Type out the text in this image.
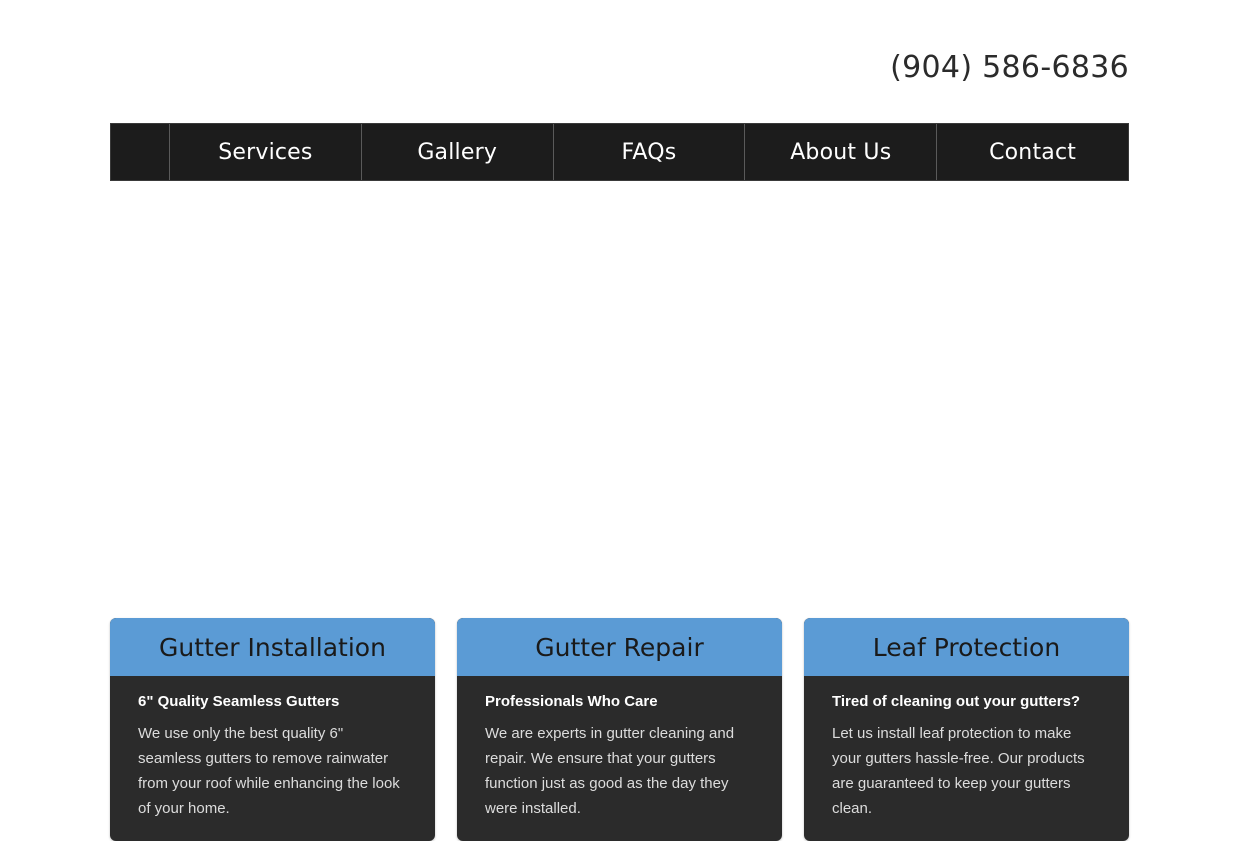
(904) 586-6836
Services	Gallery	FAQs	About Us	Contact
Gutter Installation
6" Quality Seamless Gutters
We use only the best quality 6" seamless gutters to remove rainwater from your roof while enhancing the look of your home.
Gutter Repair
Professionals Who Care
We are experts in gutter cleaning and repair. We ensure that your gutters function just as good as the day they were installed.
Leaf Protection
Tired of cleaning out your gutters?
Let us install leaf protection to make your gutters hassle-free. Our products are guaranteed to keep your gutters clean.
